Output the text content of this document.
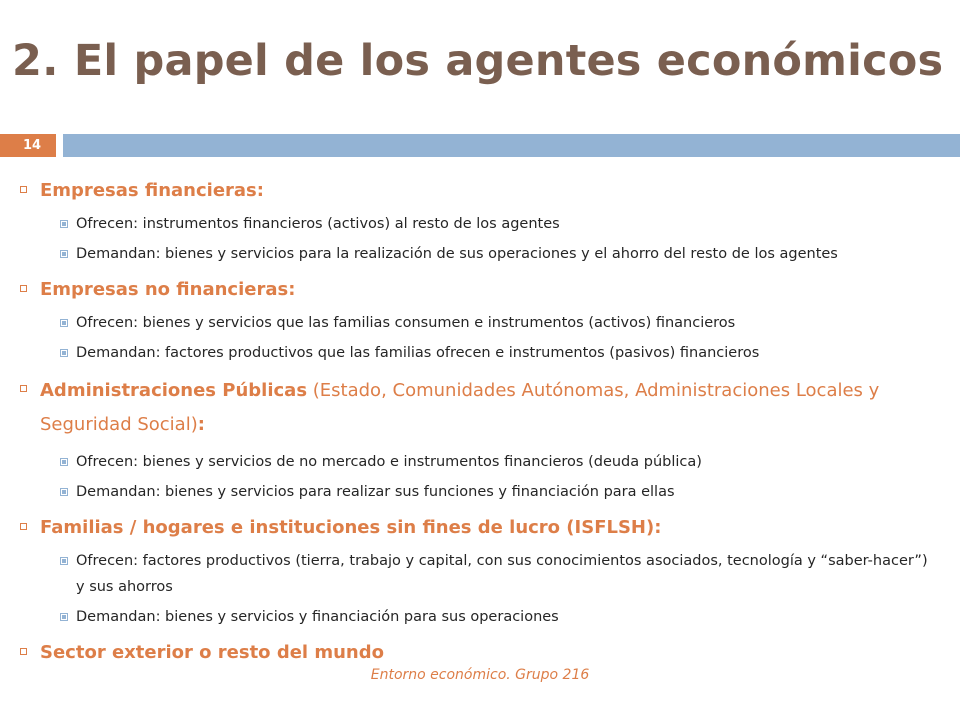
2. El papel de los agentes económicos
14
Empresas financieras:
Ofrecen: instrumentos financieros (activos) al resto de los agentes
Demandan: bienes y servicios para la realización de sus operaciones y el ahorro del resto de los agentes
Empresas no financieras:
Ofrecen: bienes y servicios que las familias consumen e instrumentos (activos) financieros
Demandan: factores productivos que las familias ofrecen e instrumentos (pasivos) financieros
Administraciones Públicas (Estado, Comunidades Autónomas, Administraciones Locales y Seguridad Social):
Ofrecen: bienes y servicios de no mercado e instrumentos financieros (deuda pública)
Demandan: bienes y servicios para realizar sus funciones y financiación para ellas
Familias / hogares e instituciones sin fines de lucro (ISFLSH):
Ofrecen: factores productivos (tierra, trabajo y capital, con sus conocimientos asociados, tecnología y “saber-hacer”) y sus ahorros
Demandan: bienes y servicios y financiación para sus operaciones
Sector exterior o resto del mundo
Entorno económico. Grupo 216
